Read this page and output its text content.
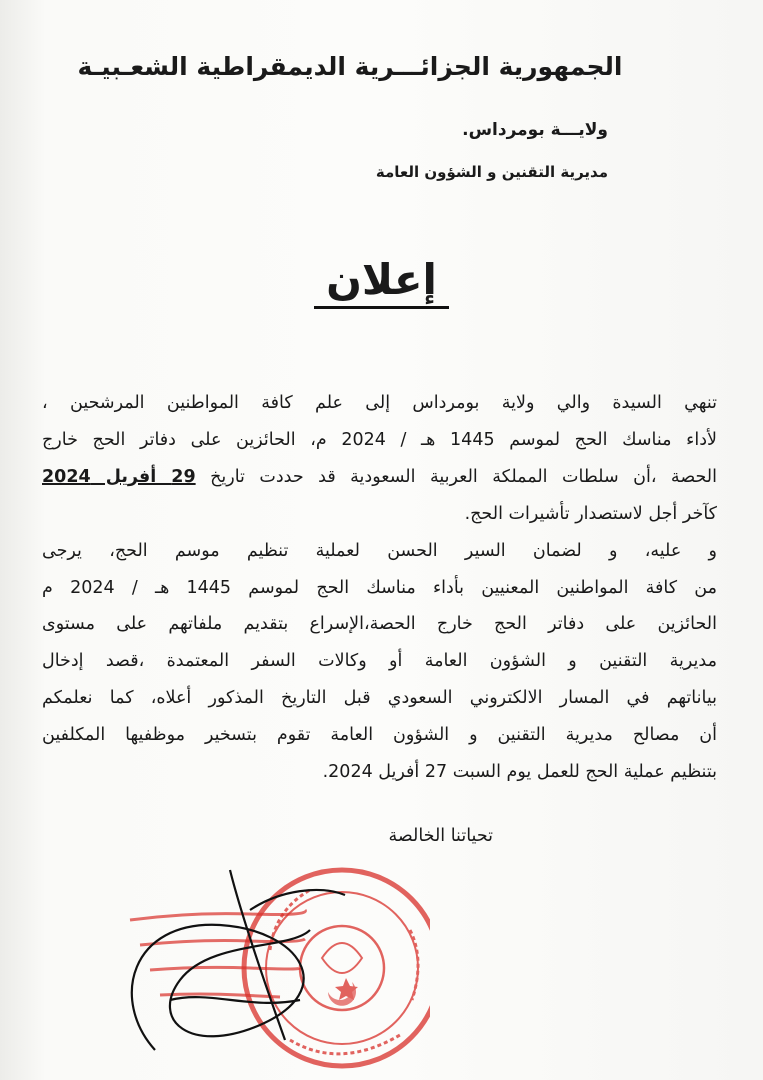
الجمهورية الجزائـــرية الديمقراطية الشعـبيـة
ولايـــة بومرداس.
مديرية التقنين و الشؤون العامة
إعلان

تنهي السيدة والي ولاية بومرداس إلى علم كافة المواطنين المرشحين ،
لأداء مناسك الحج لموسم 1445 هـ / 2024 م، الحائزين على دفاتر الحج خارج
الحصة ،أن سلطات المملكة العربية السعودية قد حددت تاريخ 29 أفريل 2024
كآخر أجل لاستصدار تأشيرات الحج.

و عليه، و لضمان السير الحسن لعملية تنظيم موسم الحج، يرجى
من كافة المواطنين المعنيين بأداء مناسك الحج لموسم 1445 هـ / 2024 م
الحائزين على دفاتر الحج خارج الحصة،الإسراع بتقديم ملفاتهم على مستوى
مديرية التقنين و الشؤون العامة أو وكالات السفر المعتمدة ،قصد إدخال
بياناتهم في المسار الالكتروني السعودي قبل التاريخ المذكور أعلاه، كما نعلمكم
أن مصالح مديرية التقنين و الشؤون العامة تقوم بتسخير موظفيها المكلفين
بتنظيم عملية الحج للعمل يوم السبت 27 أفريل 2024.

تحياتنا الخالصة
